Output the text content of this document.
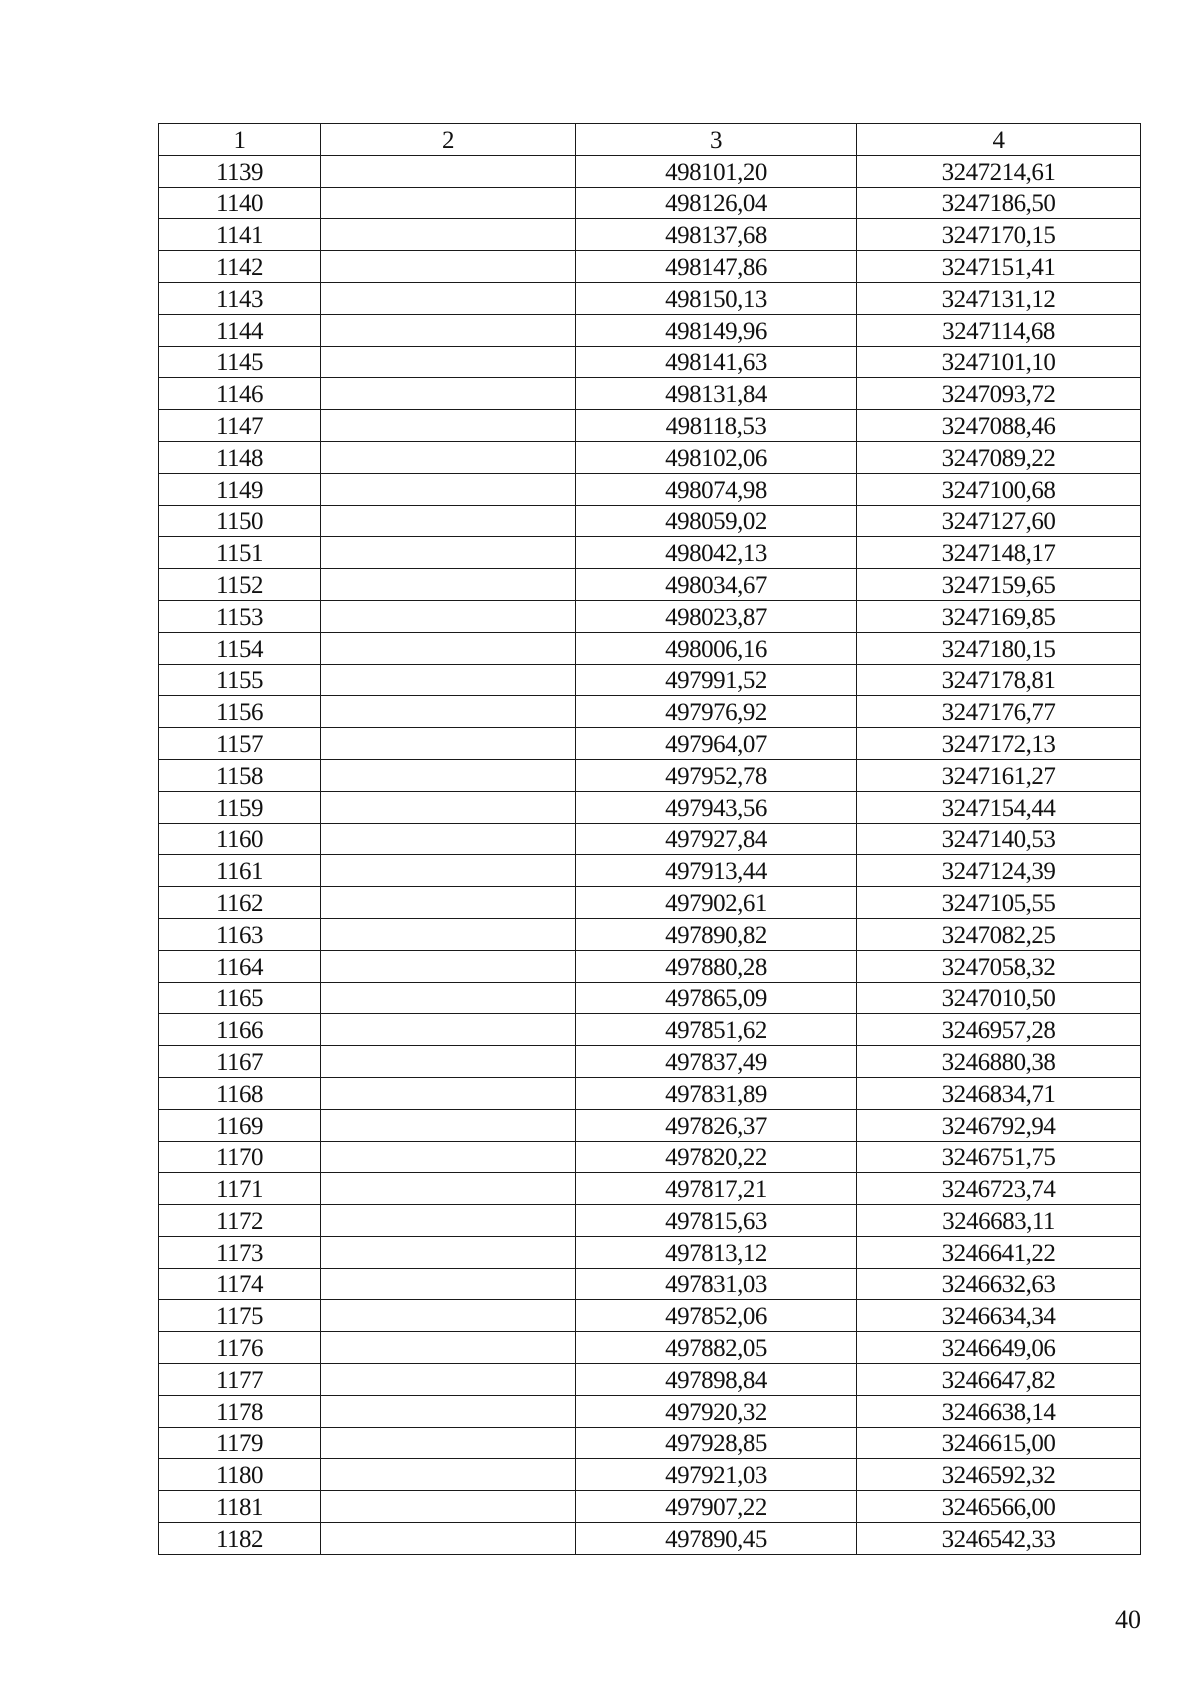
1	2	3	4
1139		498101,20	3247214,61
1140		498126,04	3247186,50
1141		498137,68	3247170,15
1142		498147,86	3247151,41
1143		498150,13	3247131,12
1144		498149,96	3247114,68
1145		498141,63	3247101,10
1146		498131,84	3247093,72
1147		498118,53	3247088,46
1148		498102,06	3247089,22
1149		498074,98	3247100,68
1150		498059,02	3247127,60
1151		498042,13	3247148,17
1152		498034,67	3247159,65
1153		498023,87	3247169,85
1154		498006,16	3247180,15
1155		497991,52	3247178,81
1156		497976,92	3247176,77
1157		497964,07	3247172,13
1158		497952,78	3247161,27
1159		497943,56	3247154,44
1160		497927,84	3247140,53
1161		497913,44	3247124,39
1162		497902,61	3247105,55
1163		497890,82	3247082,25
1164		497880,28	3247058,32
1165		497865,09	3247010,50
1166		497851,62	3246957,28
1167		497837,49	3246880,38
1168		497831,89	3246834,71
1169		497826,37	3246792,94
1170		497820,22	3246751,75
1171		497817,21	3246723,74
1172		497815,63	3246683,11
1173		497813,12	3246641,22
1174		497831,03	3246632,63
1175		497852,06	3246634,34
1176		497882,05	3246649,06
1177		497898,84	3246647,82
1178		497920,32	3246638,14
1179		497928,85	3246615,00
1180		497921,03	3246592,32
1181		497907,22	3246566,00
1182		497890,45	3246542,33
40
